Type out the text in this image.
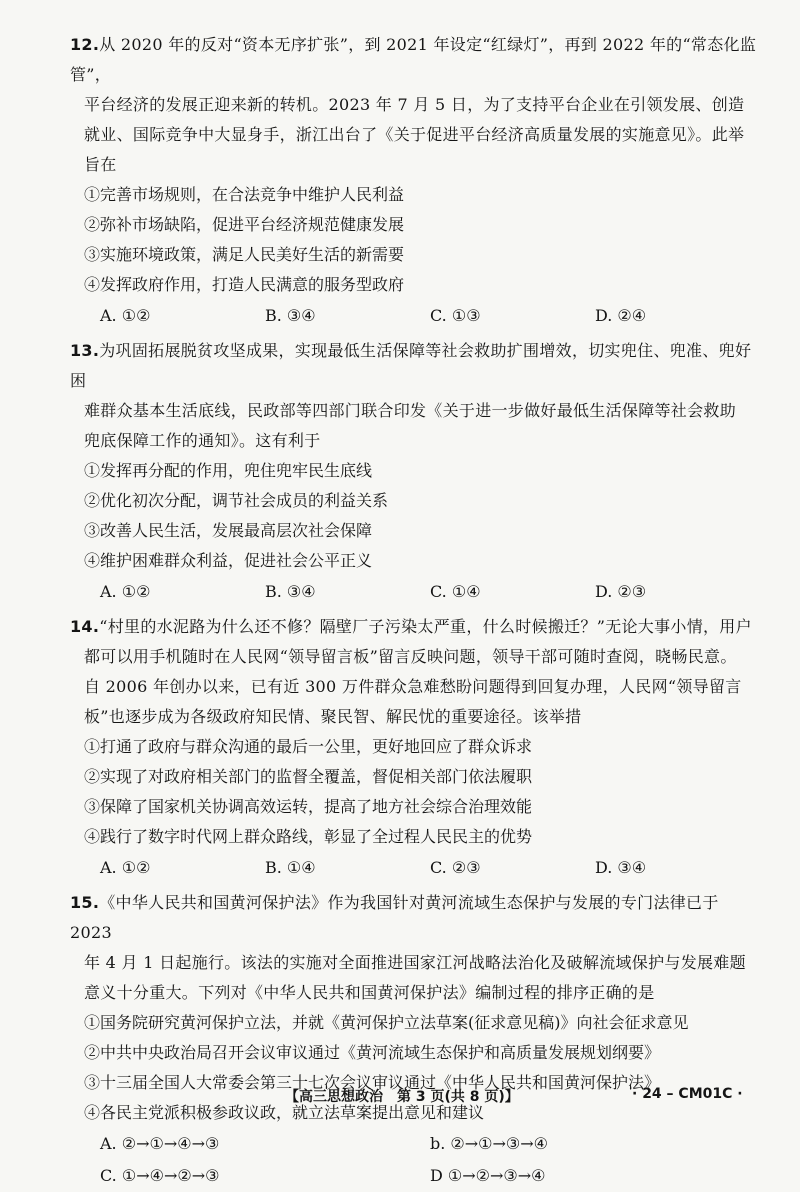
12.从 2020 年的反对“资本无序扩张”，到 2021 年设定“红绿灯”，再到 2022 年的“常态化监管”，
平台经济的发展正迎来新的转机。2023 年 7 月 5 日，为了支持平台企业在引领发展、创造
就业、国际竞争中大显身手，浙江出台了《关于促进平台经济高质量发展的实施意见》。此举
旨在
①完善市场规则，在合法竞争中维护人民利益
②弥补市场缺陷，促进平台经济规范健康发展
③实施环境政策，满足人民美好生活的新需要
④发挥政府作用，打造人民满意的服务型政府
A. ①②	B. ③④	C. ①③	D. ②④
13.为巩固拓展脱贫攻坚成果，实现最低生活保障等社会救助扩围增效，切实兜住、兜准、兜好困
难群众基本生活底线，民政部等四部门联合印发《关于进一步做好最低生活保障等社会救助
兜底保障工作的通知》。这有利于
①发挥再分配的作用，兜住兜牢民生底线
②优化初次分配，调节社会成员的利益关系
③改善人民生活，发展最高层次社会保障
④维护困难群众利益，促进社会公平正义
A. ①②	B. ③④	C. ①④	D. ②③
14.“村里的水泥路为什么还不修？隔壁厂子污染太严重，什么时候搬迁？”无论大事小情，用户
都可以用手机随时在人民网“领导留言板”留言反映问题，领导干部可随时查阅，晓畅民意。
自 2006 年创办以来，已有近 300 万件群众急难愁盼问题得到回复办理，人民网“领导留言
板”也逐步成为各级政府知民情、聚民智、解民忧的重要途径。该举措
①打通了政府与群众沟通的最后一公里，更好地回应了群众诉求
②实现了对政府相关部门的监督全覆盖，督促相关部门依法履职
③保障了国家机关协调高效运转，提高了地方社会综合治理效能
④践行了数字时代网上群众路线，彰显了全过程人民民主的优势
A. ①②	B. ①④	C. ②③	D. ③④
15.《中华人民共和国黄河保护法》作为我国针对黄河流域生态保护与发展的专门法律已于 2023
年 4 月 1 日起施行。该法的实施对全面推进国家江河战略法治化及破解流域保护与发展难题
意义十分重大。下列对《中华人民共和国黄河保护法》编制过程的排序正确的是
①国务院研究黄河保护立法，并就《黄河保护立法草案(征求意见稿)》向社会征求意见
②中共中央政治局召开会议审议通过《黄河流域生态保护和高质量发展规划纲要》
③十三届全国人大常委会第三十七次会议审议通过《中华人民共和国黄河保护法》
④各民主党派积极参政议政，就立法草案提出意见和建议
A. ②→①→④→③	b. ②→①→③→④
C. ①→④→②→③	D ①→②→③→④
【高三思想政治　第 3 页(共 8 页)】	· 24 – CM01C ·
